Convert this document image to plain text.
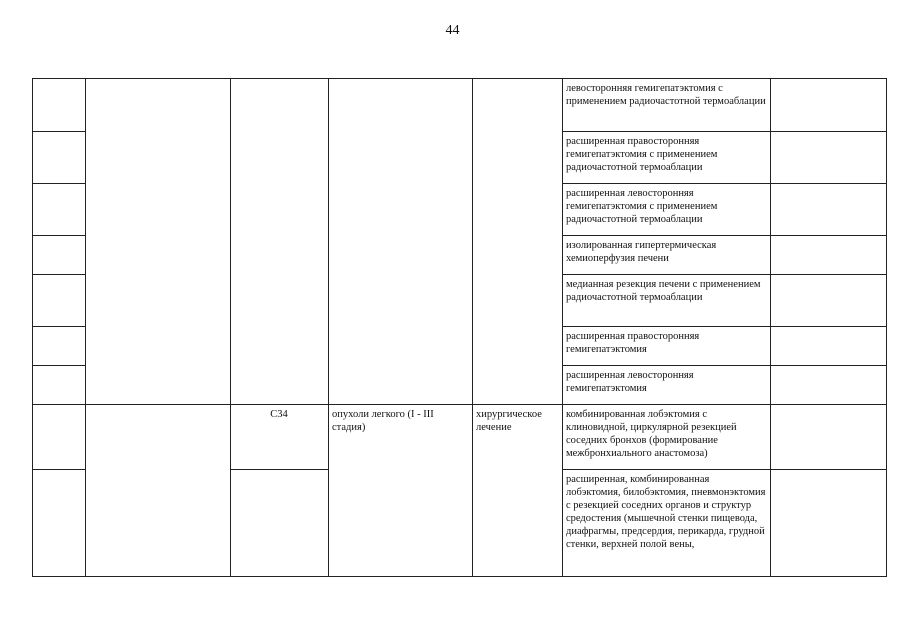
44
					левосторонняя гемигепатэктомия с применением радиочастотной термоаблации	
					расширенная правосторонняя гемигепатэктомия с применением радиочастотной термоаблации	
					расширенная левосторонняя гемигепатэктомия с применением радиочастотной термоаблации	
					изолированная гипертермическая хемиоперфузия печени	
					медианная резекция печени с применением радиочастотной термоаблации	
					расширенная правосторонняя гемигепатэктомия	
					расширенная левосторонняя гемигепатэктомия	
		C34	опухоли легкого (I - III стадия)	хирургическое лечение	комбинированная лобэктомия с клиновидной, циркулярной резекцией соседних бронхов (формирование межбронхиального анастомоза)	
					расширенная, комбинированная лобэктомия, билобэктомия, пневмонэктомия с резекцией соседних органов и структур средостения (мышечной стенки пищевода, диафрагмы, предсердия, перикарда, грудной стенки, верхней полой вены,	
